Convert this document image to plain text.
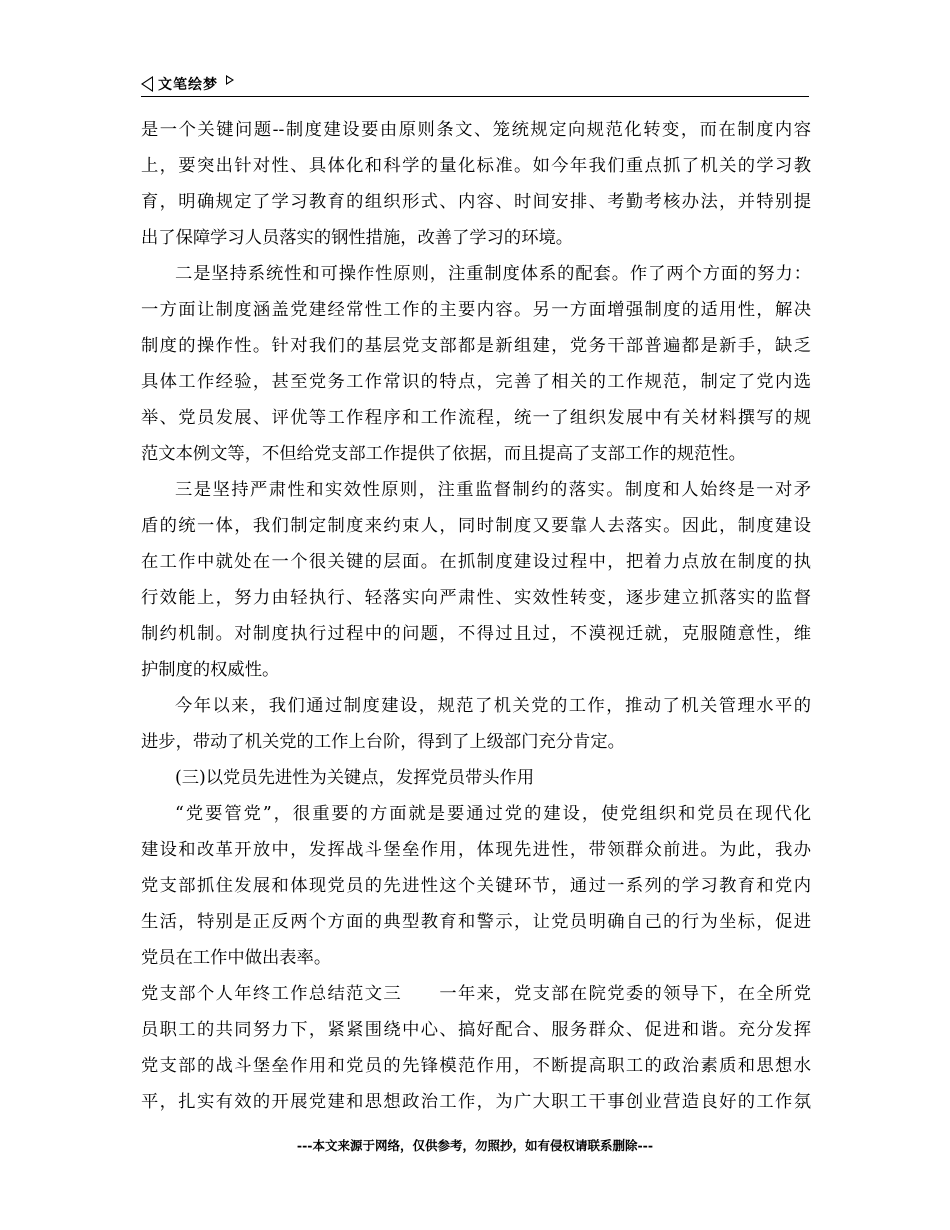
文笔绘梦
是一个关键问题--制度建设要由原则条文、笼统规定向规范化转变，而在制度内容
上，要突出针对性、具体化和科学的量化标准。如今年我们重点抓了机关的学习教
育，明确规定了学习教育的组织形式、内容、时间安排、考勤考核办法，并特别提
出了保障学习人员落实的钢性措施，改善了学习的环境。
二是坚持系统性和可操作性原则，注重制度体系的配套。作了两个方面的努力：
一方面让制度涵盖党建经常性工作的主要内容。另一方面增强制度的适用性，解决
制度的操作性。针对我们的基层党支部都是新组建，党务干部普遍都是新手，缺乏
具体工作经验，甚至党务工作常识的特点，完善了相关的工作规范，制定了党内选
举、党员发展、评优等工作程序和工作流程，统一了组织发展中有关材料撰写的规
范文本例文等，不但给党支部工作提供了依据，而且提高了支部工作的规范性。
三是坚持严肃性和实效性原则，注重监督制约的落实。制度和人始终是一对矛
盾的统一体，我们制定制度来约束人，同时制度又要靠人去落实。因此，制度建设
在工作中就处在一个很关键的层面。在抓制度建设过程中，把着力点放在制度的执
行效能上，努力由轻执行、轻落实向严肃性、实效性转变，逐步建立抓落实的监督
制约机制。对制度执行过程中的问题，不得过且过，不漠视迁就，克服随意性，维
护制度的权威性。
今年以来，我们通过制度建设，规范了机关党的工作，推动了机关管理水平的
进步，带动了机关党的工作上台阶，得到了上级部门充分肯定。
(三)以党员先进性为关键点，发挥党员带头作用
“党要管党”，很重要的方面就是要通过党的建设，使党组织和党员在现代化
建设和改革开放中，发挥战斗堡垒作用，体现先进性，带领群众前进。为此，我办
党支部抓住发展和体现党员的先进性这个关键环节，通过一系列的学习教育和党内
生活，特别是正反两个方面的典型教育和警示，让党员明确自己的行为坐标，促进
党员在工作中做出表率。
党支部个人年终工作总结范文三　　一年来，党支部在院党委的领导下，在全所党
员职工的共同努力下，紧紧围绕中心、搞好配合、服务群众、促进和谐。充分发挥
党支部的战斗堡垒作用和党员的先锋模范作用，不断提高职工的政治素质和思想水
平，扎实有效的开展党建和思想政治工作，为广大职工干事创业营造良好的工作氛
---本文来源于网络，仅供参考，勿照抄，如有侵权请联系删除---
